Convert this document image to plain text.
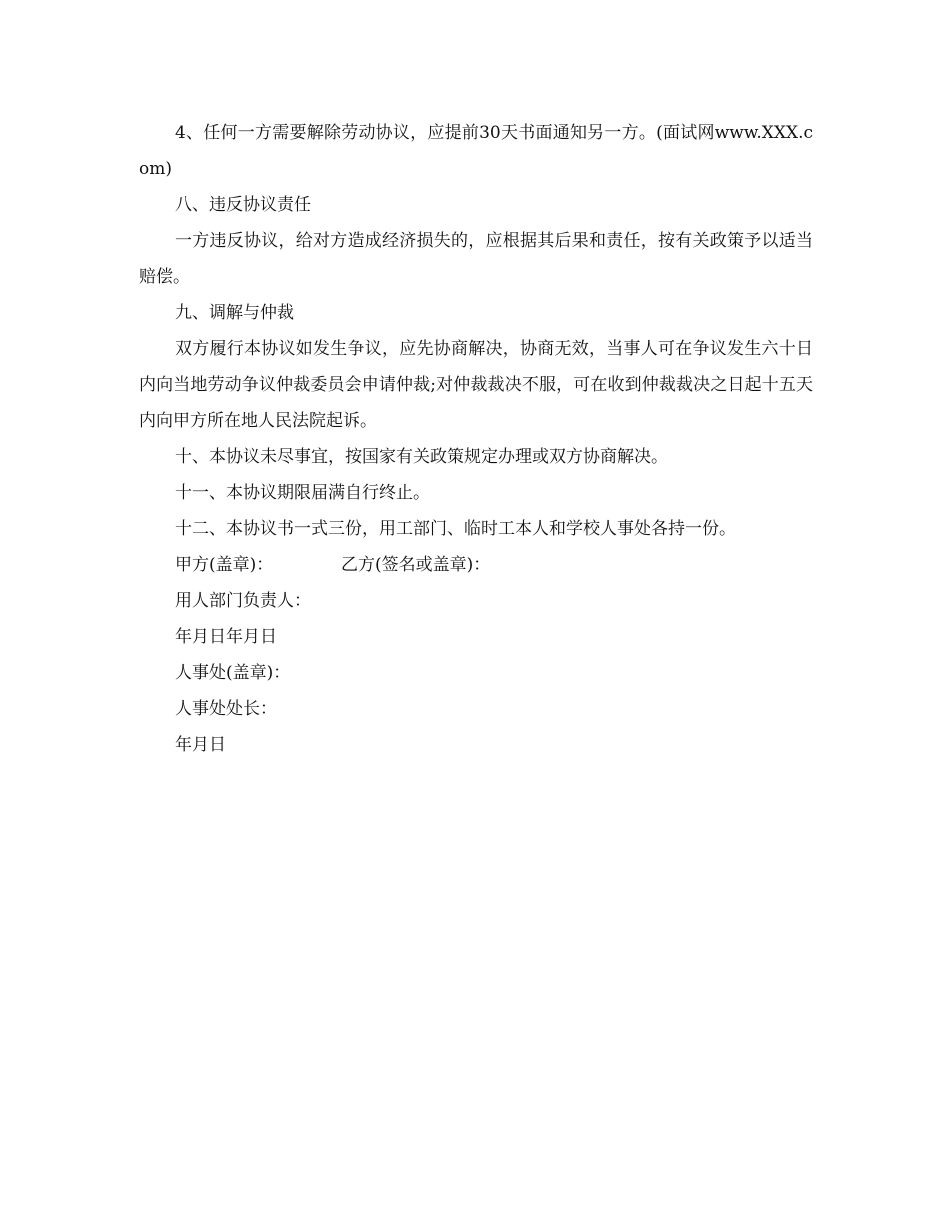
4、任何一方需要解除劳动协议，应提前30天书面通知另一方。(面试网www.XXX.com)

八、违反协议责任

一方违反协议，给对方造成经济损失的，应根据其后果和责任，按有关政策予以适当赔偿。

九、调解与仲裁

双方履行本协议如发生争议，应先协商解决，协商无效，当事人可在争议发生六十日内向当地劳动争议仲裁委员会申请仲裁;对仲裁裁决不服，可在收到仲裁裁决之日起十五天内向甲方所在地人民法院起诉。

十、本协议未尽事宜，按国家有关政策规定办理或双方协商解决。

十一、本协议期限届满自行终止。

十二、本协议书一式三份，用工部门、临时工本人和学校人事处各持一份。

甲方(盖章)：	乙方(签名或盖章)：
用人部门负责人：
年月日年月日
人事处(盖章)：
人事处处长：
年月日
